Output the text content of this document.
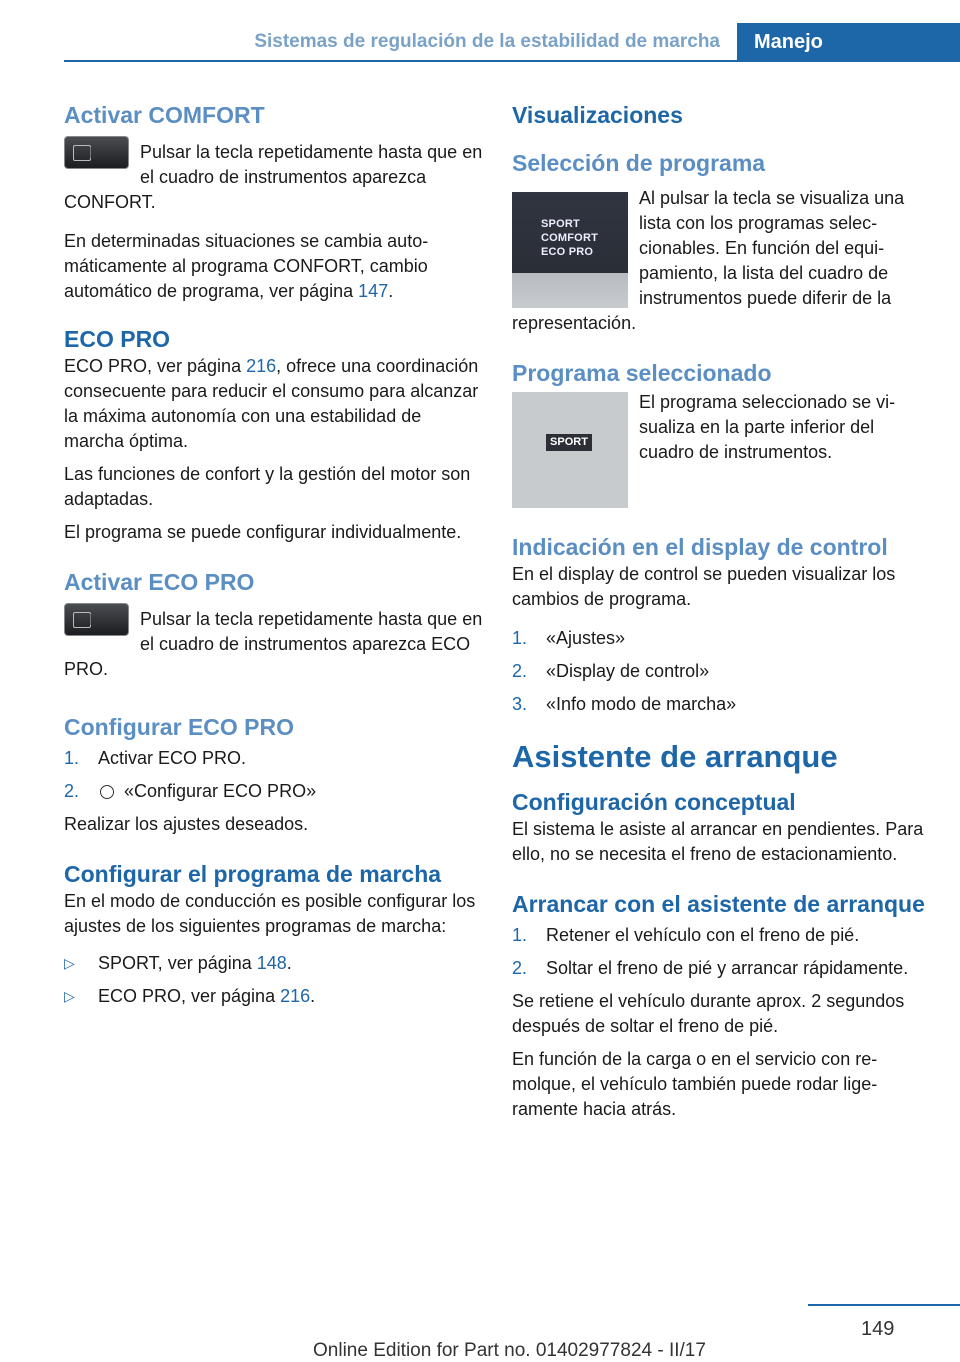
Sistemas de regulación de la estabilidad de marcha	Manejo
Activar COMFORT

Pulsar la tecla repetidamente hasta que en el cuadro de instrumentos aparezca CONFORT.

En determinadas situaciones se cambia automáticamente al programa CONFORT, cambio automático de programa, ver página 147.

ECO PRO

ECO PRO, ver página 216, ofrece una coordinación consecuente para reducir el consumo para alcanzar la máxima autonomía con una estabilidad de marcha óptima.

Las funciones de confort y la gestión del motor son adaptadas.

El programa se puede configurar individualmente.

Activar ECO PRO

Pulsar la tecla repetidamente hasta que en el cuadro de instrumentos aparezca ECO PRO.

Configurar ECO PRO
1. Activar ECO PRO.
2. «Configurar ECO PRO»

Realizar los ajustes deseados.

Configurar el programa de marcha

En el modo de conducción es posible configurar los ajustes de los siguientes programas de marcha:

▷ SPORT, ver página 148.
▷ ECO PRO, ver página 216.
Visualizaciones
Selección de programa
SPORT
COMFORT
ECO PRO

Al pulsar la tecla se visualiza una lista con los programas seleccionables. En función del equipamiento, la lista del cuadro de instrumentos puede diferir de la representación.

Programa seleccionado
SPORT

El programa seleccionado se visualiza en la parte inferior del cuadro de instrumentos.

Indicación en el display de control

En el display de control se pueden visualizar los cambios de programa.

1. «Ajustes»
2. «Display de control»
3. «Info modo de marcha»
Asistente de arranque
Configuración conceptual

El sistema le asiste al arrancar en pendientes. Para ello, no se necesita el freno de estacionamiento.

Arrancar con el asistente de arranque
1. Retener el vehículo con el freno de pié.
2. Soltar el freno de pié y arrancar rápidamente.

Se retiene el vehículo durante aprox. 2 segundos después de soltar el freno de pié.

En función de la carga o en el servicio con remolque, el vehículo también puede rodar ligeramente hacia atrás.

149
Online Edition for Part no. 01402977824 - II/17
